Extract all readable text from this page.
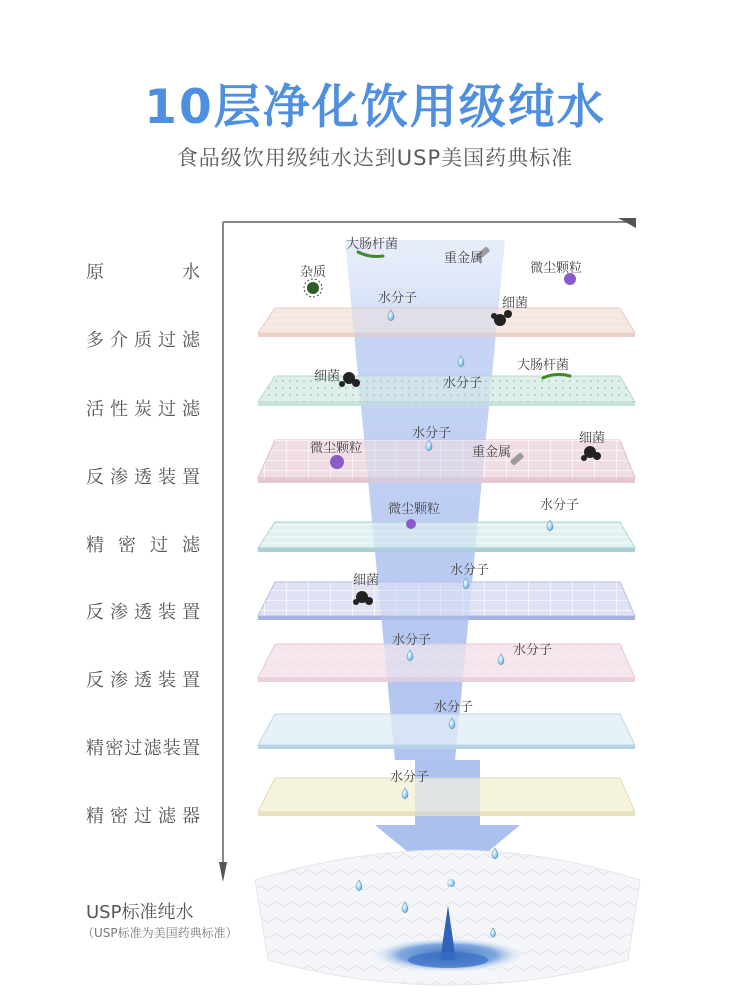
10层净化饮用级纯水
食品级饮用级纯水达到USP美国药典标准
原 水
多介质过滤
活性炭过滤
反渗透装置
精密过滤
反渗透装置
反渗透装置
精密过滤装置
精密过滤器
USP标准纯水
（USP标准为美国药典标准）
大肠杆菌
重金属
微尘颗粒
杂质
水分子	细菌
细菌	水分子
大肠杆菌
水分子
微尘颗粒	重金属
细菌
微尘颗粒	水分子
水分子
细菌
水分子
水分子
水分子
水分子
